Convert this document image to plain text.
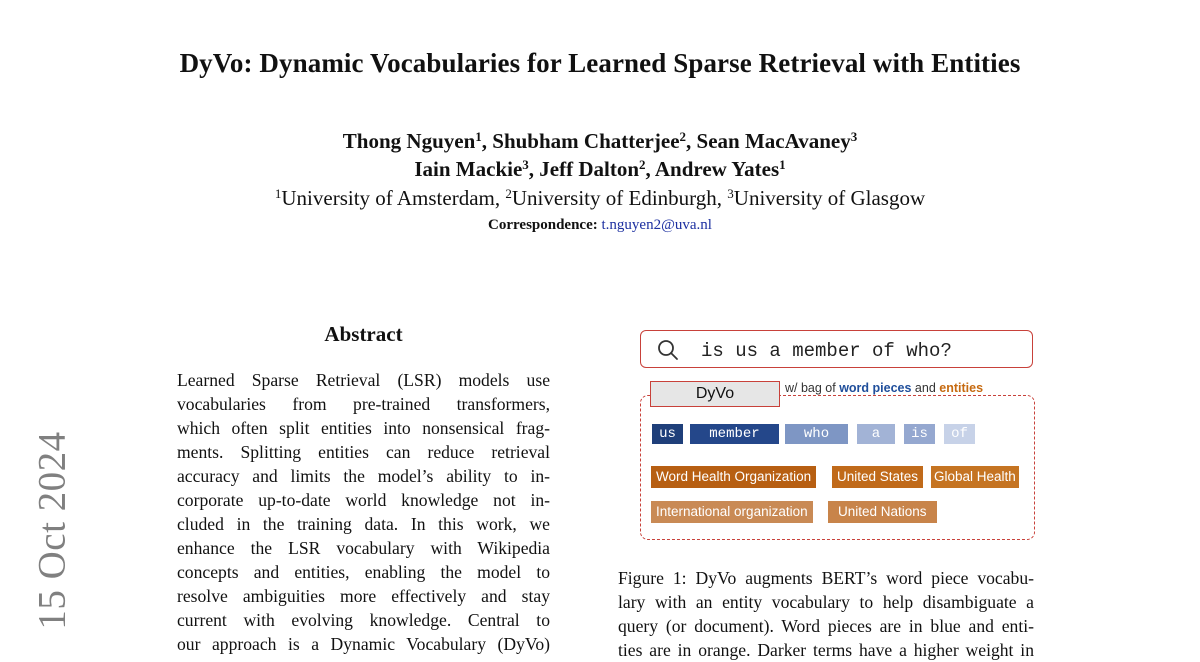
DyVo: Dynamic Vocabularies for Learned Sparse Retrieval with Entities
Thong Nguyen$^1$, Shubham Chatterjee$^2$, Sean MacAvaney$^3$
Iain Mackie$^3$, Jeff Dalton$^2$, Andrew Yates$^1$
$^1$University of Amsterdam, $^2$University of Edinburgh, $^3$University of Glasgow
Correspondence: t.nguyen2@uva.nl
15 Oct 2024
Abstract
Learned Sparse Retrieval (LSR) models use
vocabularies from pre-trained transformers,
which often split entities into nonsensical frag-
ments. Splitting entities can reduce retrieval
accuracy and limits the model’s ability to in-
corporate up-to-date world knowledge not in-
cluded in the training data. In this work, we
enhance the LSR vocabulary with Wikipedia
concepts and entities, enabling the model to
resolve ambiguities more effectively and stay
current with evolving knowledge. Central to
our approach is a Dynamic Vocabulary (DyVo)
is us a member of who?
DyVo	w/ bag of word pieces and entities
us	member	who	a	is	of
Word Health Organization	United States	Global Health
International organization	United Nations
Figure 1: DyVo augments BERT’s word piece vocabu-
lary with an entity vocabulary to help disambiguate a
query (or document). Word pieces are in blue and enti-
ties are in orange. Darker terms have a higher weight in
